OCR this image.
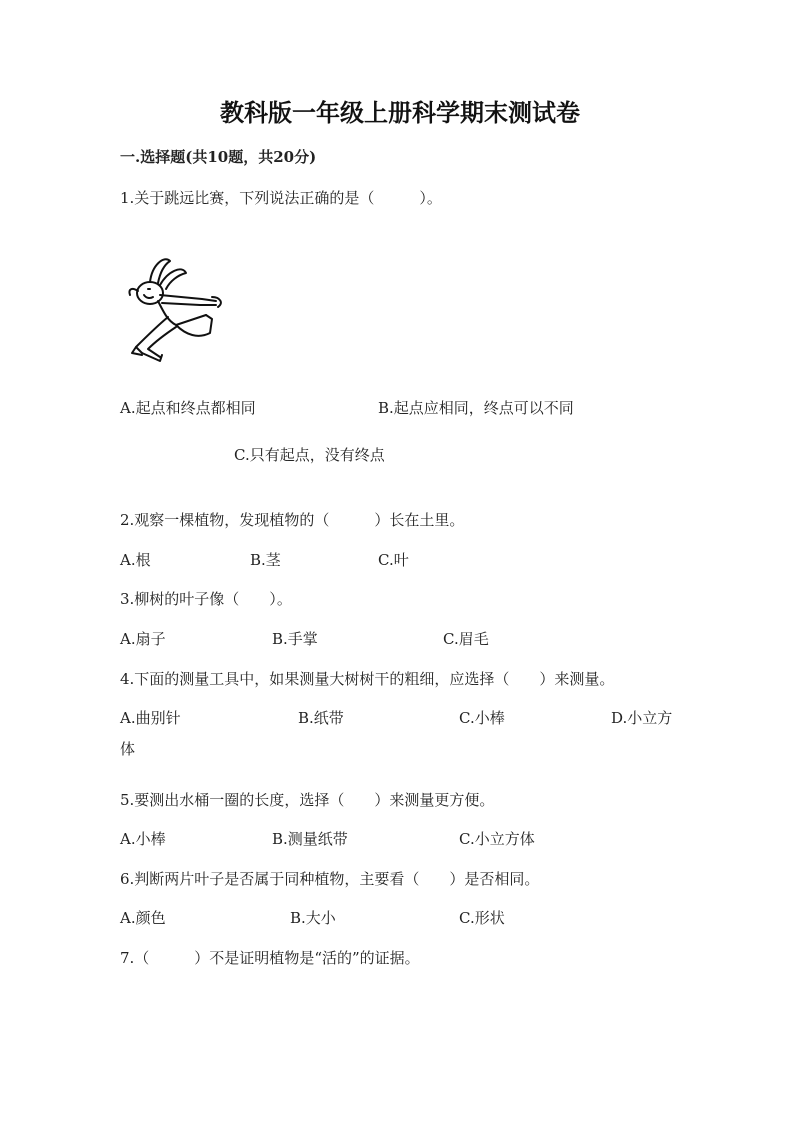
教科版一年级上册科学期末测试卷
一.选择题(共10题，共20分)
1.关于跳远比赛，下列说法正确的是（　　　）。
A.起点和终点都相同	B.起点应相同，终点可以不同
C.只有起点，没有终点
2.观察一棵植物，发现植物的（　　　）长在土里。
A.根	B.茎	C.叶
3.柳树的叶子像（　　）。
A.扇子	B.手掌	C.眉毛
4.下面的测量工具中，如果测量大树树干的粗细，应选择（　　）来测量。
A.曲别针	B.纸带	C.小棒	D.小立方
体
5.要测出水桶一圈的长度，选择（　　）来测量更方便。
A.小棒	B.测量纸带	C.小立方体
6.判断两片叶子是否属于同种植物，主要看（　　）是否相同。
A.颜色	B.大小	C.形状
7.（　　　）不是证明植物是“活的”的证据。
